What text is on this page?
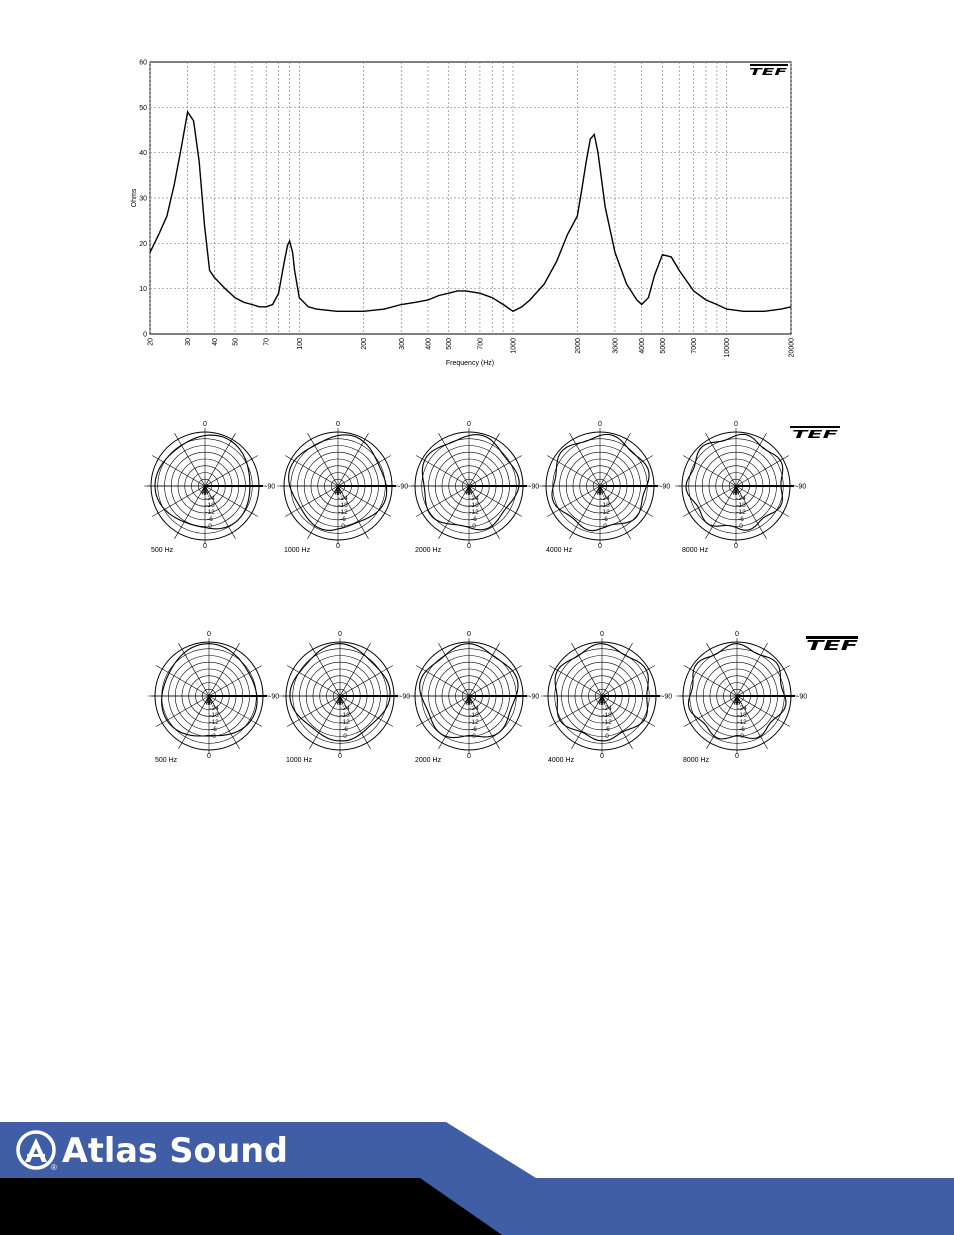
20	30	40 50	70	100	200	300	400 500	700	1000	2000	3000	4000 5000	7000	10000	20000
0
10
20
30
40
50
60
Frequency (Hz)
Ohms
TEF
0
-90
0
-24
-18
-12
-6
0
500 Hz
0
-90
0
-24
-18
-12
-6
0
1000 Hz
0
-90
0
-24
-18
-12
-6
0
2000 Hz
0
-90
0
-24
-18
-12
-6
0
4000 Hz
0
-90
0
-24
-18
-12
-6
0
8000 Hz
TEF
0
-90
0
-24
-18
-12
-6
0
500 Hz
0
-90
0
-24
-18
-12
-6
0
1000 Hz
0
-90
0
-24
-18
-12
-6
0
2000 Hz
0
-90
0
-24
-18
-12
-6
0
4000 Hz
0
-90
0
-24
-18
-12
-6
0
8000 Hz
TEF
Atlas Sound
®
